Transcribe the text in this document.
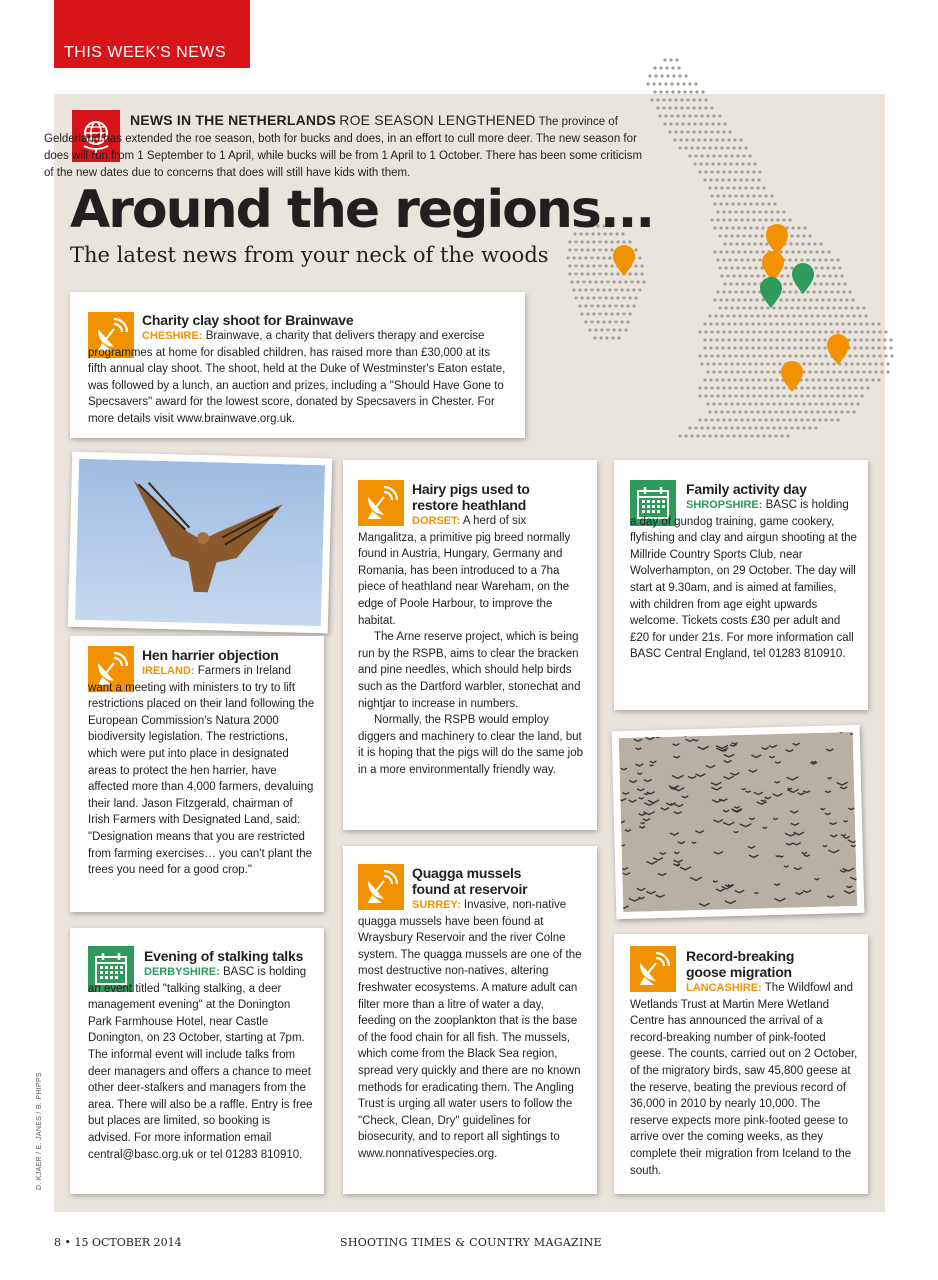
THIS WEEK'S NEWS
NEWS IN THE NETHERLANDS ROE SEASON LENGTHENED The province of Gelderland has extended the roe season, both for bucks and does, in an effort to cull more deer. The new season for does will run from 1 September to 1 April, while bucks will be from 1 April to 1 October. There has been some criticism of the new dates due to concerns that does will still have kids with them.
Around the regions...
The latest news from your neck of the woods
Charity clay shoot for Brainwave
CHESHIRE: Brainwave, a charity that delivers therapy and exercise programmes at home for disabled children, has raised more than £30,000 at its fifth annual clay shoot. The shoot, held at the Duke of Westminster's Eaton estate, was followed by a lunch, an auction and prizes, including a "Should Have Gone to Specsavers" award for the lowest score, donated by Specsavers in Chester. For more details visit www.brainwave.org.uk.
Hen harrier objection
IRELAND: Farmers in Ireland want a meeting with ministers to try to lift restrictions placed on their land following the European Commission's Natura 2000 biodiversity legislation. The restrictions, which were put into place in designated areas to protect the hen harrier, have affected more than 4,000 farmers, devaluing their land. Jason Fitzgerald, chairman of Irish Farmers with Designated Land, said: "Designation means that you are restricted from farming exercises… you can't plant the trees you need for a good crop."
Evening of stalking talks
DERBYSHIRE: BASC is holding an event titled "talking stalking, a deer management evening" at the Donington Park Farmhouse Hotel, near Castle Donington, on 23 October, starting at 7pm. The informal event will include talks from deer managers and offers a chance to meet other deer-stalkers and managers from the area. There will also be a raffle. Entry is free but places are limited, so booking is advised. For more information email central@basc.org.uk or tel 01283 810910.
Hairy pigs used to
restore heathland
DORSET: A herd of six Mangalitza, a primitive pig breed normally found in Austria, Hungary, Germany and Romania, has been introduced to a 7ha piece of heathland near Wareham, on the edge of Poole Harbour, to improve the habitat.

The Arne reserve project, which is being run by the RSPB, aims to clear the bracken and pine needles, which should help birds such as the Dartford warbler, stonechat and nightjar to increase in numbers.

Normally, the RSPB would employ diggers and machinery to clear the land, but it is hoping that the pigs will do the same job in a more environmentally friendly way.

Quagga mussels
found at reservoir
SURREY: Invasive, non-native quagga mussels have been found at Wraysbury Reservoir and the river Colne system. The quagga mussels are one of the most destructive non-natives, altering freshwater ecosystems. A mature adult can filter more than a litre of water a day, feeding on the zooplankton that is the base of the food chain for all fish. The mussels, which come from the Black Sea region, spread very quickly and there are no known methods for eradicating them. The Angling Trust is urging all water users to follow the "Check, Clean, Dry" guidelines for biosecurity, and to report all sightings to www.nonnativespecies.org.
Family activity day
SHROPSHIRE: BASC is holding a day of gundog training, game cookery, flyfishing and clay and airgun shooting at the Millride Country Sports Club, near Wolverhampton, on 29 October. The day will start at 9.30am, and is aimed at families, with children from age eight upwards welcome. Tickets costs £30 per adult and £20 for under 21s. For more information call BASC Central England, tel 01283 810910.
Record-breaking
goose migration
LANCASHIRE: The Wildfowl and Wetlands Trust at Martin Mere Wetland Centre has announced the arrival of a record-breaking number of pink-footed geese. The counts, carried out on 2 October, of the migratory birds, saw 45,800 geese at the reserve, beating the previous record of 36,000 in 2010 by nearly 10,000. The reserve expects more pink-footed geese to arrive over the coming weeks, as they complete their migration from Iceland to the south.
D. KJAER / E. JANES / B. PHIPPS
8 • 15 OCTOBER 2014	SHOOTING TIMES & COUNTRY MAGAZINE
